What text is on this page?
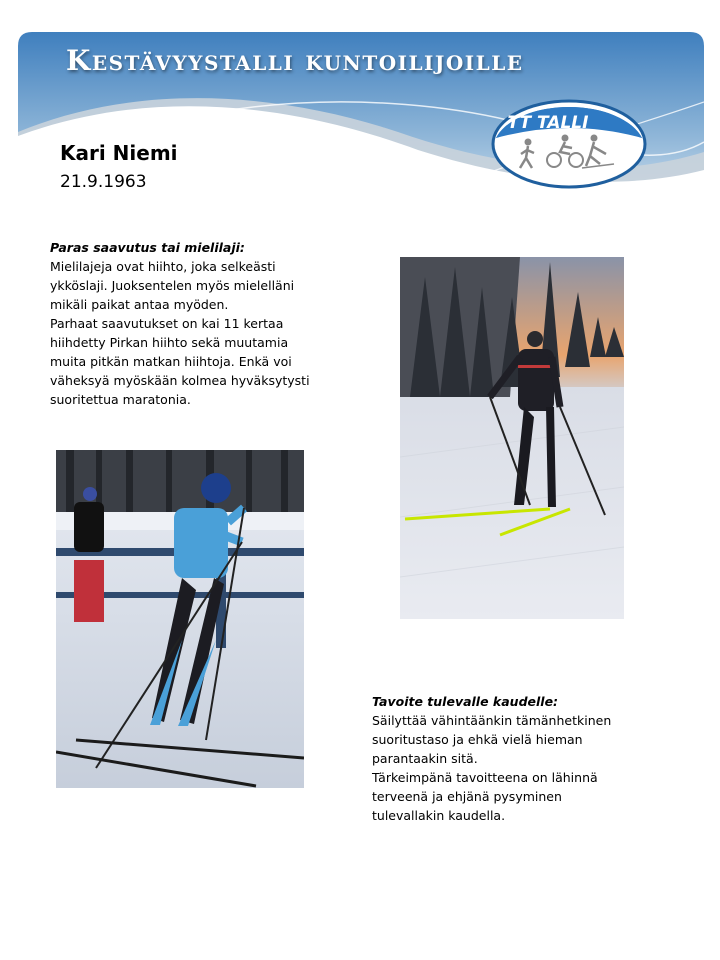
Kestävyystalli kuntoilijoille
TT TALLI
Kari Niemi
21.9.1963
Paras saavutus tai mielilaji:
Mielilajeja ovat hiihto, joka selkeästi
ykköslaji. Juoksentelen myös mielelläni
mikäli paikat antaa myöden.
Parhaat saavutukset on kai 11 kertaa
hiihdetty Pirkan hiihto sekä muutamia
muita pitkän matkan hiihtoja. Enkä voi
väheksyä myöskään kolmea hyväksytysti
suoritettua maratonia.
Tavoite tulevalle kaudelle:
Säilyttää vähintäänkin tämänhetkinen
suoritustaso ja ehkä vielä hieman
parantaakin sitä.
Tärkeimpänä tavoitteena on lähinnä
terveenä ja ehjänä pysyminen
tulevallakin kaudella.
